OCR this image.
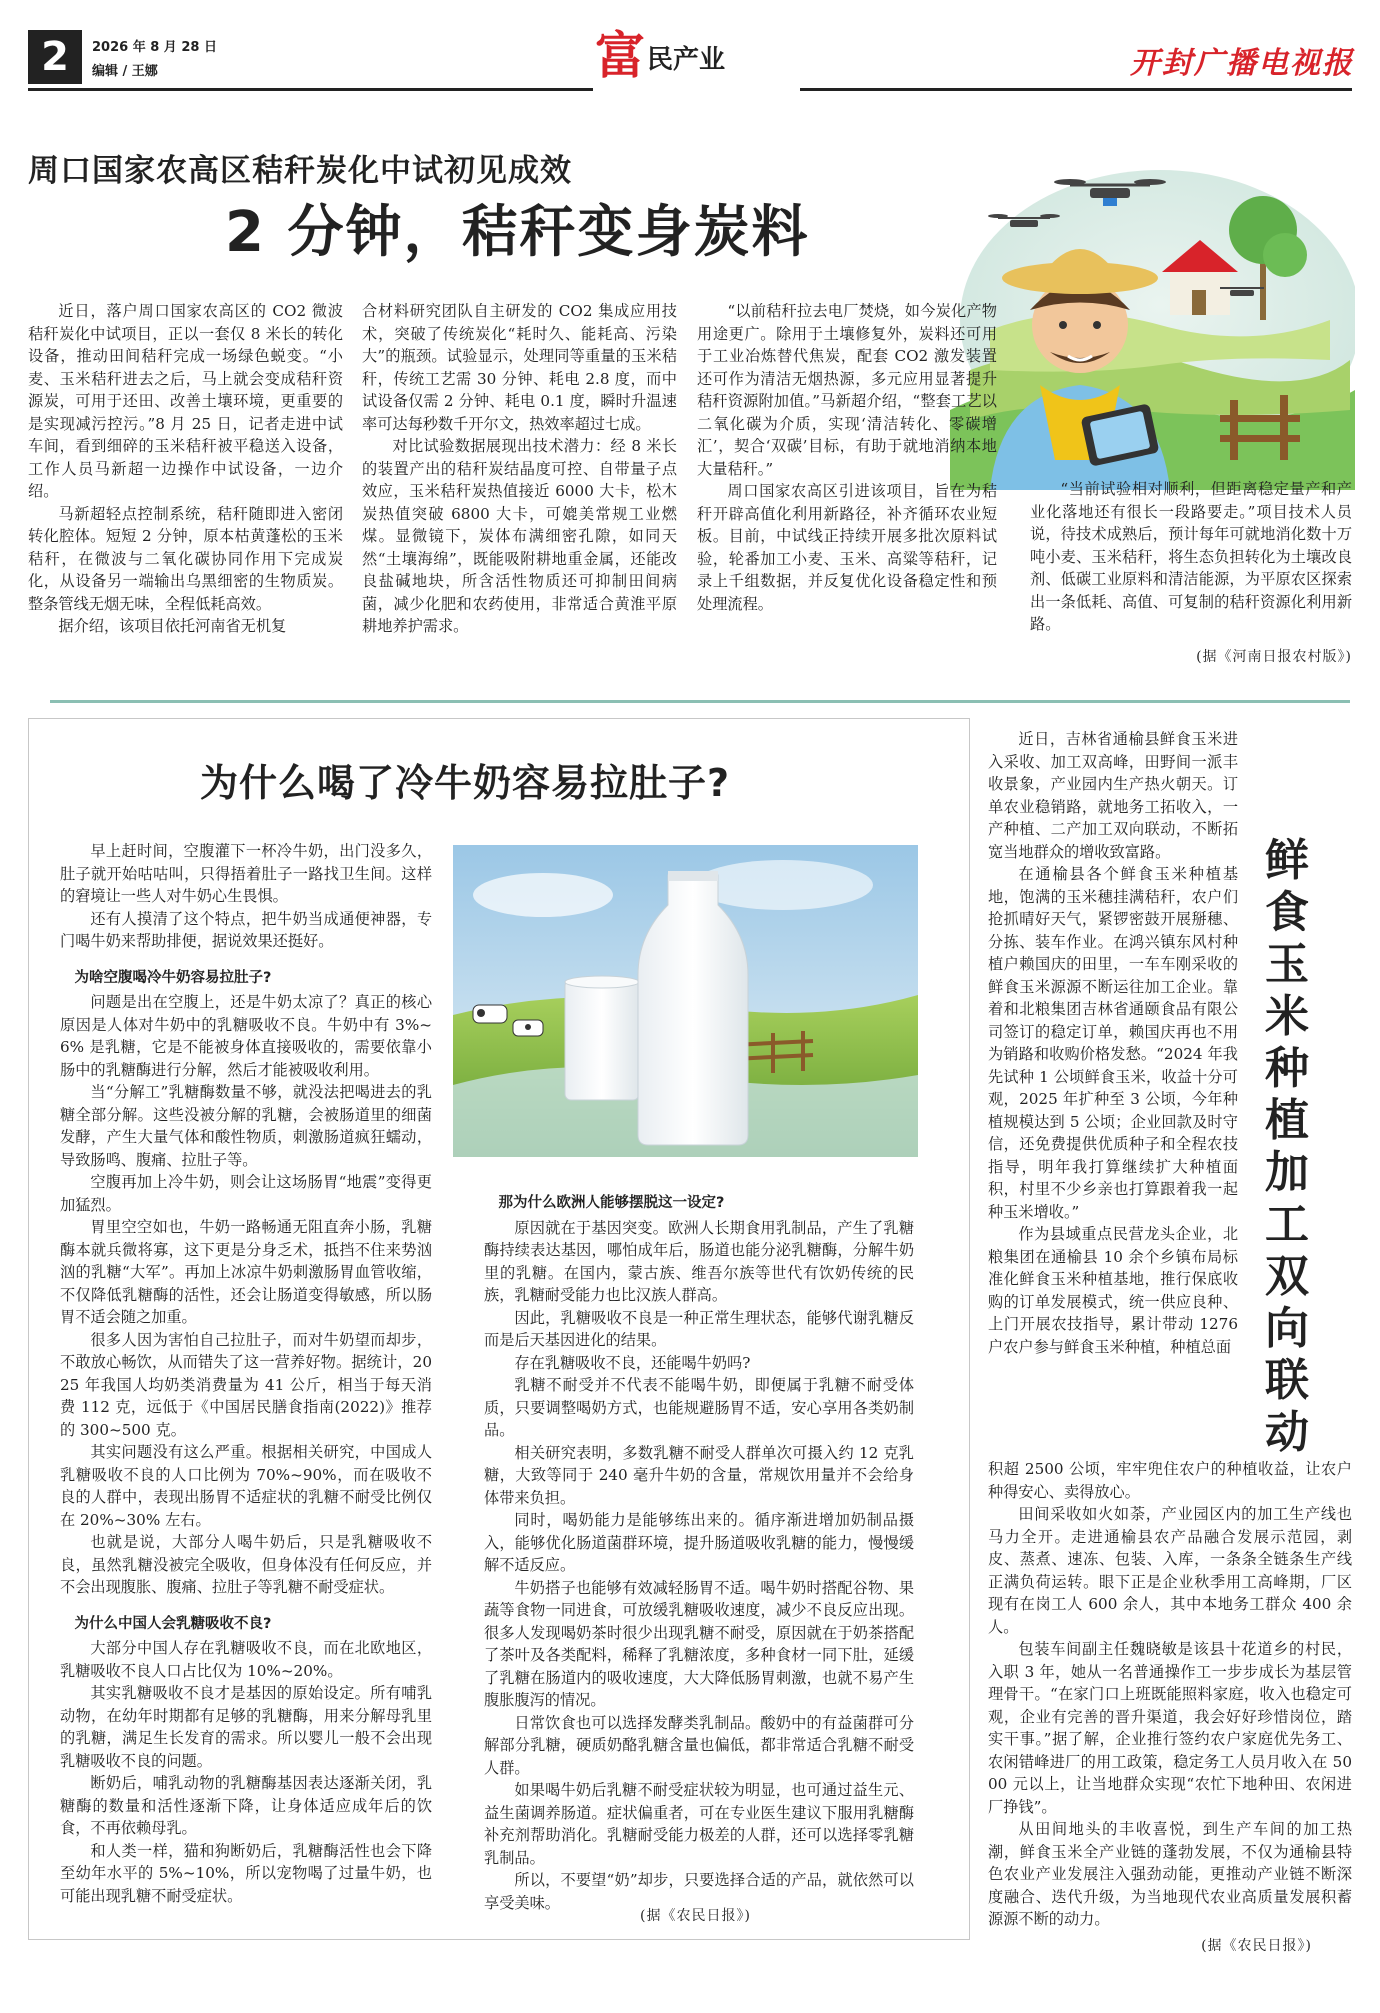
2	2026 年 8 月 28 日
编辑 / 王娜	富 民产业	开封广播电视报
周口国家农高区秸秆炭化中试初见成效
2 分钟，秸秆变身炭料

近日，落户周口国家农高区的 CO2 微波秸秆炭化中试项目，正以一套仅 8 米长的转化设备，推动田间秸秆完成一场绿色蜕变。“小麦、玉米秸秆进去之后，马上就会变成秸秆资源炭，可用于还田、改善土壤环境，更重要的是实现减污控污。”8 月 25 日，记者走进中试车间，看到细碎的玉米秸秆被平稳送入设备，工作人员马新超一边操作中试设备，一边介绍。

马新超轻点控制系统，秸秆随即进入密闭转化腔体。短短 2 分钟，原本枯黄蓬松的玉米秸秆，在微波与二氧化碳协同作用下完成炭化，从设备另一端输出乌黑细密的生物质炭。整条管线无烟无味，全程低耗高效。

据介绍，该项目依托河南省无机复

合材料研究团队自主研发的 CO2 集成应用技术，突破了传统炭化“耗时久、能耗高、污染大”的瓶颈。试验显示，处理同等重量的玉米秸秆，传统工艺需 30 分钟、耗电 2.8 度，而中试设备仅需 2 分钟、耗电 0.1 度，瞬时升温速率可达每秒数千开尔文，热效率超过七成。

对比试验数据展现出技术潜力：经 8 米长的装置产出的秸秆炭结晶度可控、自带量子点效应，玉米秸秆炭热值接近 6000 大卡，松木炭热值突破 6800 大卡，可媲美常规工业燃煤。显微镜下，炭体布满细密孔隙，如同天然“土壤海绵”，既能吸附耕地重金属，还能改良盐碱地块，所含活性物质还可抑制田间病菌，减少化肥和农药使用，非常适合黄淮平原耕地养护需求。

“以前秸秆拉去电厂焚烧，如今炭化产物用途更广。除用于土壤修复外，炭料还可用于工业冶炼替代焦炭，配套 CO2 激发装置还可作为清洁无烟热源，多元应用显著提升秸秆资源附加值。”马新超介绍，“整套工艺以二氧化碳为介质，实现‘清洁转化、零碳增汇’，契合‘双碳’目标，有助于就地消纳本地大量秸秆。”

周口国家农高区引进该项目，旨在为秸秆开辟高值化利用新路径，补齐循环农业短板。目前，中试线正持续开展多批次原料试验，轮番加工小麦、玉米、高粱等秸秆，记录上千组数据，并反复优化设备稳定性和预处理流程。

“当前试验相对顺利，但距离稳定量产和产业化落地还有很长一段路要走。”项目技术人员说，待技术成熟后，预计每年可就地消化数十万吨小麦、玉米秸秆，将生态负担转化为土壤改良剂、低碳工业原料和清洁能源，为平原农区探索出一条低耗、高值、可复制的秸秆资源化利用新路。

(据《河南日报农村版》)
为什么喝了冷牛奶容易拉肚子?

早上赶时间，空腹灌下一杯冷牛奶，出门没多久，肚子就开始咕咕叫，只得捂着肚子一路找卫生间。这样的窘境让一些人对牛奶心生畏惧。

还有人摸清了这个特点，把牛奶当成通便神器，专门喝牛奶来帮助排便，据说效果还挺好。

为啥空腹喝冷牛奶容易拉肚子?

问题是出在空腹上，还是牛奶太凉了？真正的核心原因是人体对牛奶中的乳糖吸收不良。牛奶中有 3%~6% 是乳糖，它是不能被身体直接吸收的，需要依靠小肠中的乳糖酶进行分解，然后才能被吸收利用。

当“分解工”乳糖酶数量不够，就没法把喝进去的乳糖全部分解。这些没被分解的乳糖，会被肠道里的细菌发酵，产生大量气体和酸性物质，刺激肠道疯狂蠕动，导致肠鸣、腹痛、拉肚子等。

空腹再加上冷牛奶，则会让这场肠胃“地震”变得更加猛烈。

胃里空空如也，牛奶一路畅通无阻直奔小肠，乳糖酶本就兵微将寡，这下更是分身乏术，抵挡不住来势汹汹的乳糖“大军”。再加上冰凉牛奶刺激肠胃血管收缩，不仅降低乳糖酶的活性，还会让肠道变得敏感，所以肠胃不适会随之加重。

很多人因为害怕自己拉肚子，而对牛奶望而却步，不敢放心畅饮，从而错失了这一营养好物。据统计，2025 年我国人均奶类消费量为 41 公斤，相当于每天消费 112 克，远低于《中国居民膳食指南(2022)》推荐的 300~500 克。

其实问题没有这么严重。根据相关研究，中国成人乳糖吸收不良的人口比例为 70%~90%，而在吸收不良的人群中，表现出肠胃不适症状的乳糖不耐受比例仅在 20%~30% 左右。

也就是说，大部分人喝牛奶后，只是乳糖吸收不良，虽然乳糖没被完全吸收，但身体没有任何反应，并不会出现腹胀、腹痛、拉肚子等乳糖不耐受症状。

为什么中国人会乳糖吸收不良?

大部分中国人存在乳糖吸收不良，而在北欧地区，乳糖吸收不良人口占比仅为 10%~20%。

其实乳糖吸收不良才是基因的原始设定。所有哺乳动物，在幼年时期都有足够的乳糖酶，用来分解母乳里的乳糖，满足生长发育的需求。所以婴儿一般不会出现乳糖吸收不良的问题。

断奶后，哺乳动物的乳糖酶基因表达逐渐关闭，乳糖酶的数量和活性逐渐下降，让身体适应成年后的饮食，不再依赖母乳。

和人类一样，猫和狗断奶后，乳糖酶活性也会下降至幼年水平的 5%~10%，所以宠物喝了过量牛奶，也可能出现乳糖不耐受症状。

那为什么欧洲人能够摆脱这一设定?

原因就在于基因突变。欧洲人长期食用乳制品，产生了乳糖酶持续表达基因，哪怕成年后，肠道也能分泌乳糖酶，分解牛奶里的乳糖。在国内，蒙古族、维吾尔族等世代有饮奶传统的民族，乳糖耐受能力也比汉族人群高。

因此，乳糖吸收不良是一种正常生理状态，能够代谢乳糖反而是后天基因进化的结果。

存在乳糖吸收不良，还能喝牛奶吗?

乳糖不耐受并不代表不能喝牛奶，即便属于乳糖不耐受体质，只要调整喝奶方式，也能规避肠胃不适，安心享用各类奶制品。

相关研究表明，多数乳糖不耐受人群单次可摄入约 12 克乳糖，大致等同于 240 毫升牛奶的含量，常规饮用量并不会给身体带来负担。

同时，喝奶能力是能够练出来的。循序渐进增加奶制品摄入，能够优化肠道菌群环境，提升肠道吸收乳糖的能力，慢慢缓解不适反应。

牛奶搭子也能够有效减轻肠胃不适。喝牛奶时搭配谷物、果蔬等食物一同进食，可放缓乳糖吸收速度，减少不良反应出现。很多人发现喝奶茶时很少出现乳糖不耐受，原因就在于奶茶搭配了茶叶及各类配料，稀释了乳糖浓度，多种食材一同下肚，延缓了乳糖在肠道内的吸收速度，大大降低肠胃刺激，也就不易产生腹胀腹泻的情况。

日常饮食也可以选择发酵类乳制品。酸奶中的有益菌群可分解部分乳糖，硬质奶酪乳糖含量也偏低，都非常适合乳糖不耐受人群。

如果喝牛奶后乳糖不耐受症状较为明显，也可通过益生元、益生菌调养肠道。症状偏重者，可在专业医生建议下服用乳糖酶补充剂帮助消化。乳糖耐受能力极差的人群，还可以选择零乳糖乳制品。

所以，不要望“奶”却步，只要选择合适的产品，就依然可以享受美味。

(据《农民日报》)

近日，吉林省通榆县鲜食玉米进入采收、加工双高峰，田野间一派丰收景象，产业园内生产热火朝天。订单农业稳销路，就地务工拓收入，一产种植、二产加工双向联动，不断拓宽当地群众的增收致富路。

在通榆县各个鲜食玉米种植基地，饱满的玉米穗挂满秸秆，农户们抢抓晴好天气，紧锣密鼓开展掰穗、分拣、装车作业。在鸿兴镇东风村种植户赖国庆的田里，一车车刚采收的鲜食玉米源源不断运往加工企业。靠着和北粮集团吉林省通颐食品有限公司签订的稳定订单，赖国庆再也不用为销路和收购价格发愁。“2024 年我先试种 1 公顷鲜食玉米，收益十分可观，2025 年扩种至 3 公顷，今年种植规模达到 5 公顷；企业回款及时守信，还免费提供优质种子和全程农技指导，明年我打算继续扩大种植面积，村里不少乡亲也打算跟着我一起种玉米增收。”

作为县域重点民营龙头企业，北粮集团在通榆县 10 余个乡镇布局标准化鲜食玉米种植基地，推行保底收购的订单发展模式，统一供应良种、上门开展农技指导，累计带动 1276 户农户参与鲜食玉米种植，种植总面

鲜食玉米种植加工双向联动

积超 2500 公顷，牢牢兜住农户的种植收益，让农户种得安心、卖得放心。

田间采收如火如荼，产业园区内的加工生产线也马力全开。走进通榆县农产品融合发展示范园，剥皮、蒸煮、速冻、包装、入库，一条条全链条生产线正满负荷运转。眼下正是企业秋季用工高峰期，厂区现有在岗工人 600 余人，其中本地务工群众 400 余人。

包装车间副主任魏晓敏是该县十花道乡的村民，入职 3 年，她从一名普通操作工一步步成长为基层管理骨干。“在家门口上班既能照料家庭，收入也稳定可观，企业有完善的晋升渠道，我会好好珍惜岗位，踏实干事。”据了解，企业推行签约农户家庭优先务工、农闲错峰进厂的用工政策，稳定务工人员月收入在 5000 元以上，让当地群众实现“农忙下地种田、农闲进厂挣钱”。

从田间地头的丰收喜悦，到生产车间的加工热潮，鲜食玉米全产业链的蓬勃发展，不仅为通榆县特色农业产业发展注入强劲动能，更推动产业链不断深度融合、迭代升级，为当地现代农业高质量发展积蓄源源不断的动力。

(据《农民日报》)
